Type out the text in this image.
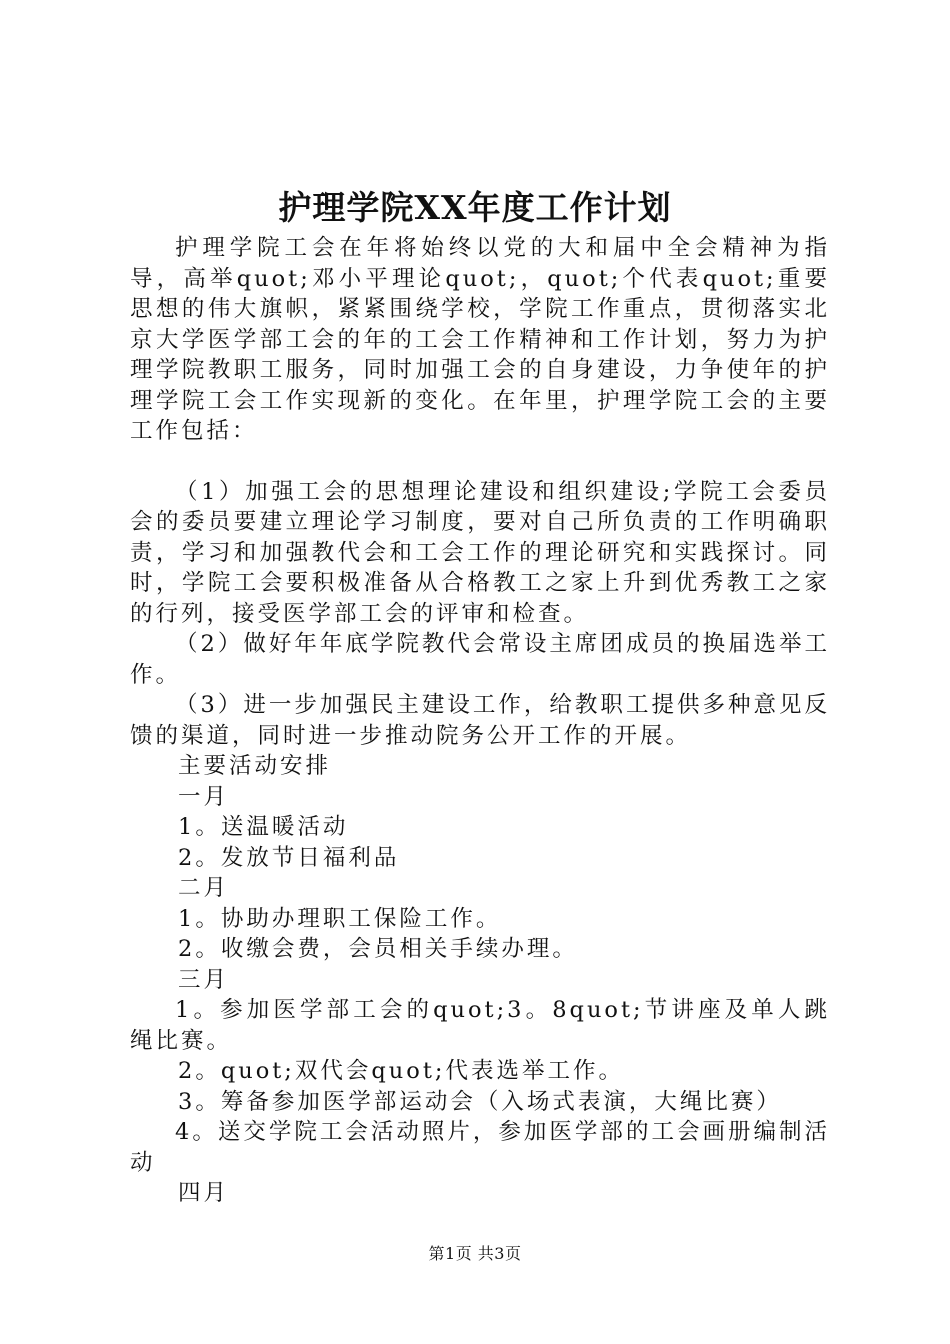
护理学院XX年度工作计划

护理学院工会在年将始终以党的大和届中全会精神为指导，高举quot;邓小平理论quot;，quot;个代表quot;重要思想的伟大旗帜，紧紧围绕学校，学院工作重点，贯彻落实北京大学医学部工会的年的工会工作精神和工作计划，努力为护理学院教职工服务，同时加强工会的自身建设，力争使年的护理学院工会工作实现新的变化。在年里，护理学院工会的主要工作包括：

（1）加强工会的思想理论建设和组织建设;学院工会委员会的委员要建立理论学习制度，要对自己所负责的工作明确职责，学习和加强教代会和工会工作的理论研究和实践探讨。同时，学院工会要积极准备从合格教工之家上升到优秀教工之家的行列，接受医学部工会的评审和检查。

（2）做好年年底学院教代会常设主席团成员的换届选举工作。

（3）进一步加强民主建设工作，给教职工提供多种意见反馈的渠道，同时进一步推动院务公开工作的开展。

主要活动安排

一月

1。送温暖活动

2。发放节日福利品

二月

1。协助办理职工保险工作。

2。收缴会费，会员相关手续办理。

三月

1。参加医学部工会的quot;3。8quot;节讲座及单人跳绳比赛。

2。quot;双代会quot;代表选举工作。

3。筹备参加医学部运动会（入场式表演，大绳比赛）

4。送交学院工会活动照片，参加医学部的工会画册编制活动

四月

第1页 共3页
